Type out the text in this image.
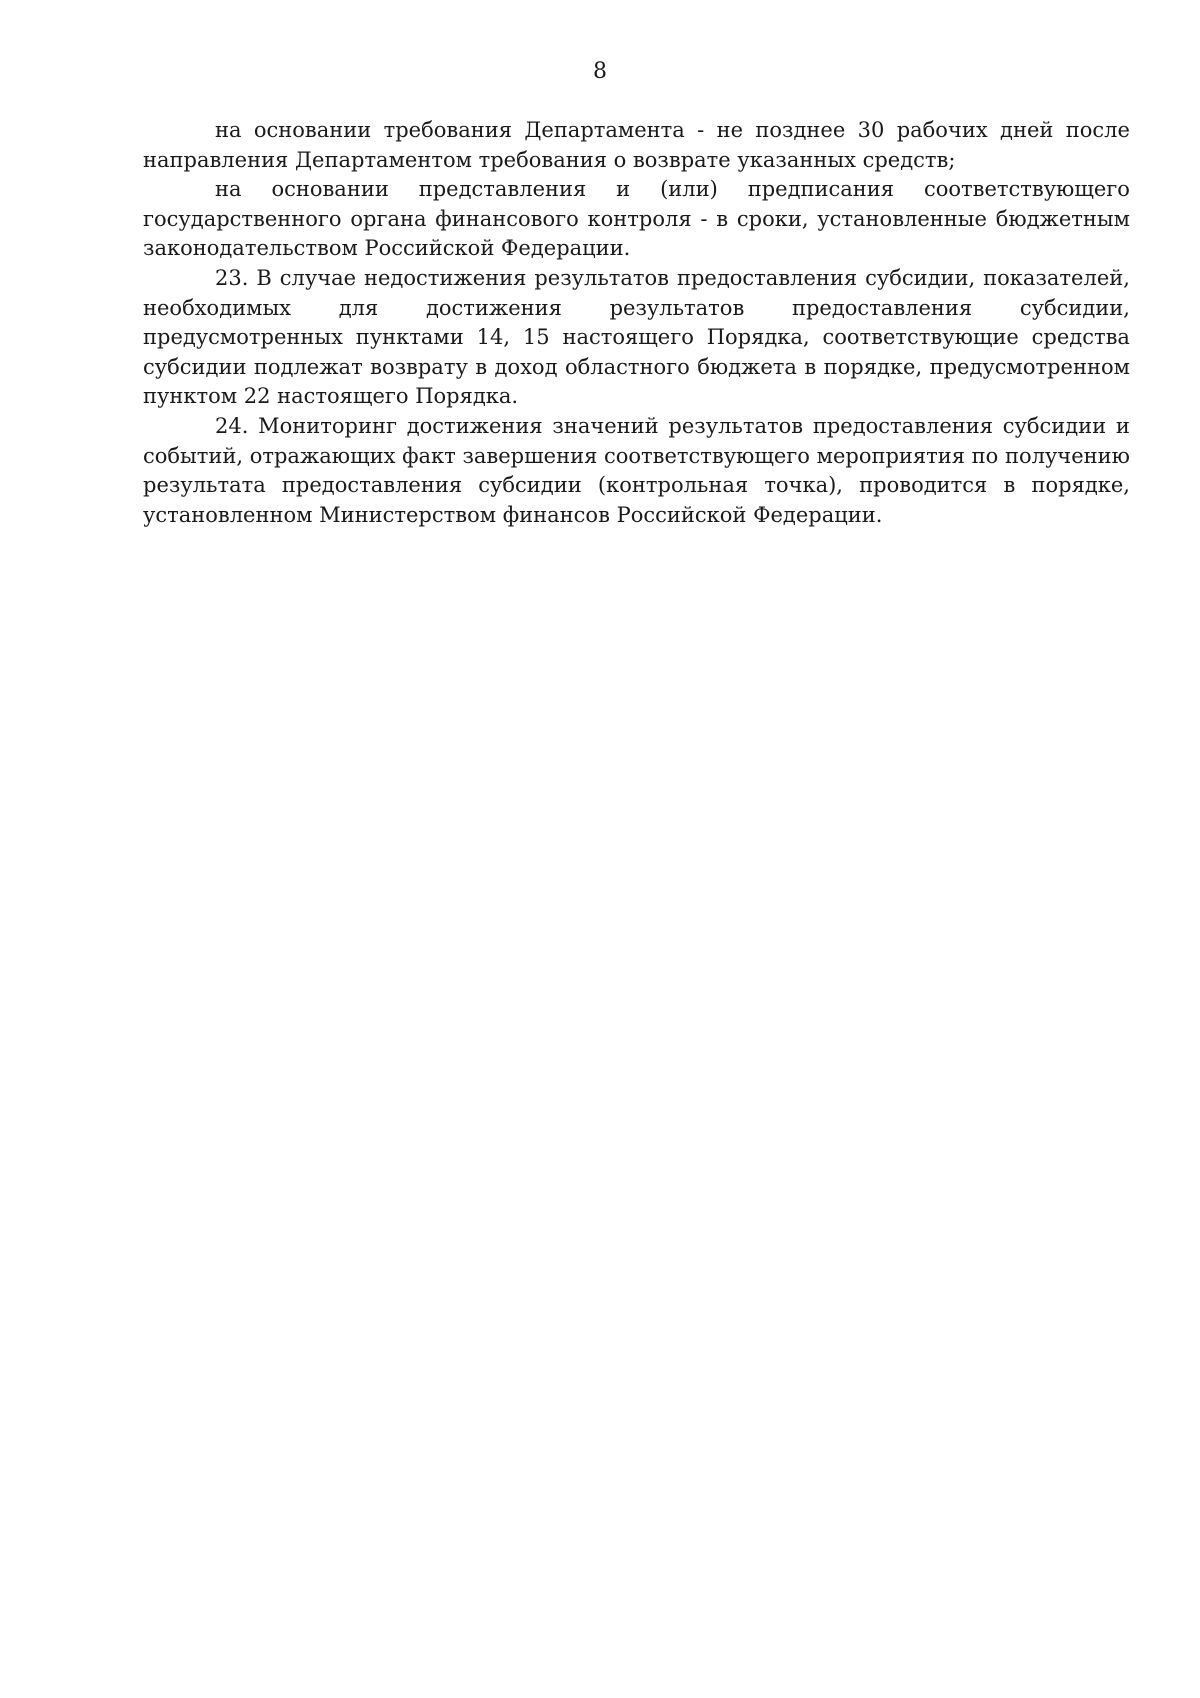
8
на основании требования Департамента - не позднее 30 рабочих дней после
направления Департаментом требования о возврате указанных средств;
на основании представления и (или) предписания соответствующего
государственного органа финансового контроля - в сроки, установленные бюджетным
законодательством Российской Федерации.
23. В случае недостижения результатов предоставления субсидии, показателей,
необходимых для достижения результатов предоставления субсидии,
предусмотренных пунктами 14, 15 настоящего Порядка, соответствующие средства
субсидии подлежат возврату в доход областного бюджета в порядке, предусмотренном
пунктом 22 настоящего Порядка.
24. Мониторинг достижения значений результатов предоставления субсидии и
событий, отражающих факт завершения соответствующего мероприятия по получению
результата предоставления субсидии (контрольная точка), проводится в порядке,
установленном Министерством финансов Российской Федерации.
